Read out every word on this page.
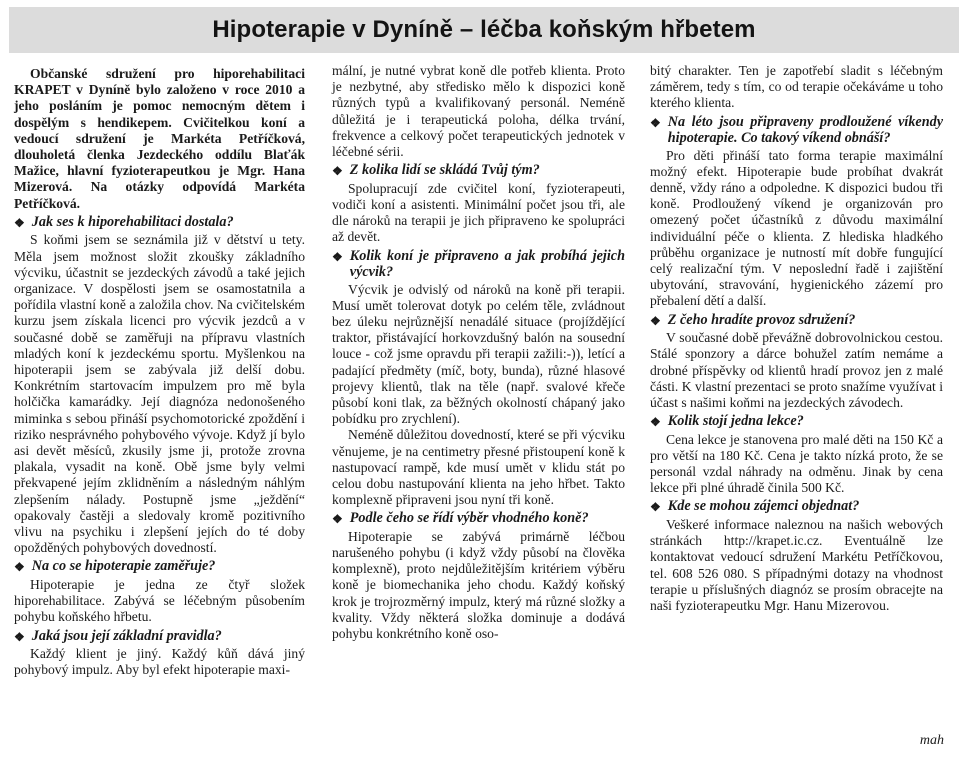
Hipoterapie v Dyníně – léčba koňským hřbetem

Občanské sdružení pro hiporehabilitaci KRAPET v Dyníně bylo založeno v roce 2010 a jeho posláním je pomoc nemocným dětem i dospělým s hendikepem. Cvičitelkou koní a vedoucí sdružení je Markéta Petříčková, dlouholetá členka Jezdeckého oddílu Blaťák Mažice, hlavní fyzioterapeutkou je Mgr. Hana Mizerová. Na otázky odpovídá Markéta Petříčková.

❖ Jak ses k hiporehabilitaci dostala?

S koňmi jsem se seznámila již v dětství u tety. Měla jsem možnost složit zkoušky základního výcviku, účastnit se jezdeckých závodů a také jejich organizace. V dospělosti jsem se osamostatnila a pořídila vlastní koně a založila chov. Na cvičitelském kurzu jsem získala licenci pro výcvik jezdců a v současné době se zaměřuji na přípravu vlastních mladých koní k jezdeckému sportu. Myšlenkou na hipoterapii jsem se zabývala již delší dobu. Konkrétním startovacím impulzem pro mě byla holčička kamarádky. Její diagnóza nedonošeného miminka s sebou přináší psychomotorické zpoždění i riziko nesprávného pohybového vývoje. Když jí bylo asi devět měsíců, zkusily jsme ji, protože zrovna plakala, vysadit na koně. Obě jsme byly velmi překvapené jejím zklidněním a následným náhlým zlepšením nálady. Postupně jsme „ježdění“ opakovaly častěji a sledovaly kromě pozitivního vlivu na psychiku i zlepšení jejích do té doby opožděných pohybových dovedností.

❖ Na co se hipoterapie zaměřuje?

Hipoterapie je jedna ze čtyř složek hiporehabilitace. Zabývá se léčebným působením pohybu koňského hřbetu.

❖ Jaká jsou její základní pravidla?

Každý klient je jiný. Každý kůň dává jiný pohybový impulz. Aby byl efekt hipoterapie maxi-

mální, je nutné vybrat koně dle potřeb klienta. Proto je nezbytné, aby středisko mělo k dispozici koně různých typů a kvalifikovaný personál. Neméně důležitá je i terapeutická poloha, délka trvání, frekvence a celkový počet terapeutických jednotek v léčebné sérii.

❖ Z kolika lidí se skládá Tvůj tým?

Spolupracují zde cvičitel koní, fyzioterapeuti, vodiči koní a asistenti. Minimální počet jsou tři, ale dle nároků na terapii je jich připraveno ke spolupráci až devět.

❖ Kolik koní je připraveno a jak probíhá jejich výcvik?

Výcvik je odvislý od nároků na koně při terapii. Musí umět tolerovat dotyk po celém těle, zvládnout bez úleku nejrůznější nenadálé situace (projíždějící traktor, přistávající horkovzdušný balón na sousední louce - což jsme opravdu při terapii zažili:-)), letící a padající předměty (míč, boty, bunda), různé hlasové projevy klientů, tlak na těle (např. svalové křeče působí koni tlak, za běžných okolností chápaný jako pobídku pro zrychlení).

Neméně důležitou dovedností, které se při výcviku věnujeme, je na centimetry přesné přistoupení koně k nastupovací rampě, kde musí umět v klidu stát po celou dobu nastupování klienta na jeho hřbet. Takto komplexně připraveni jsou nyní tři koně.

❖ Podle čeho se řídí výběr vhodného koně?

Hipoterapie se zabývá primárně léčbou narušeného pohybu (i když vždy působí na člověka komplexně), proto nejdůležitějším kritériem výběru koně je biomechanika jeho chodu. Každý koňský krok je trojrozměrný impulz, který má různé složky a kvality. Vždy některá složka dominuje a dodává pohybu konkrétního koně oso-

bitý charakter. Ten je zapotřebí sladit s léčebným záměrem, tedy s tím, co od terapie očekáváme u toho kterého klienta.

❖ Na léto jsou připraveny prodloužené víkendy hipoterapie. Co takový víkend obnáší?

Pro děti přináší tato forma terapie maximální možný efekt. Hipoterapie bude probíhat dvakrát denně, vždy ráno a odpoledne. K dispozici budou tři koně. Prodloužený víkend je organizován pro omezený počet účastníků z důvodu maximální individuální péče o klienta. Z hlediska hladkého průběhu organizace je nutností mít dobře fungující celý realizační tým. V neposlední řadě i zajištění ubytování, stravování, hygienického zázemí pro přebalení dětí a další.

❖ Z čeho hradíte provoz sdružení?

V současné době převážně dobrovolnickou cestou. Stálé sponzory a dárce bohužel zatím nemáme a drobné příspěvky od klientů hradí provoz jen z malé části. K vlastní prezentaci se proto snažíme využívat i účast s našimi koňmi na jezdeckých závodech.

❖ Kolik stojí jedna lekce?

Cena lekce je stanovena pro malé děti na 150 Kč a pro větší na 180 Kč. Cena je takto nízká proto, že se personál vzdal náhrady na odměnu. Jinak by cena lekce při plné úhradě činila 500 Kč.

❖ Kde se mohou zájemci objednat?

Veškeré informace naleznou na našich webových stránkách http://krapet.ic.cz. Eventuálně lze kontaktovat vedoucí sdružení Markétu Petříčkovou, tel. 608 526 080. S případnými dotazy na vhodnost terapie u příslušných diagnóz se prosím obracejte na naši fyzioterapeutku Mgr. Hanu Mizerovou.

mah
